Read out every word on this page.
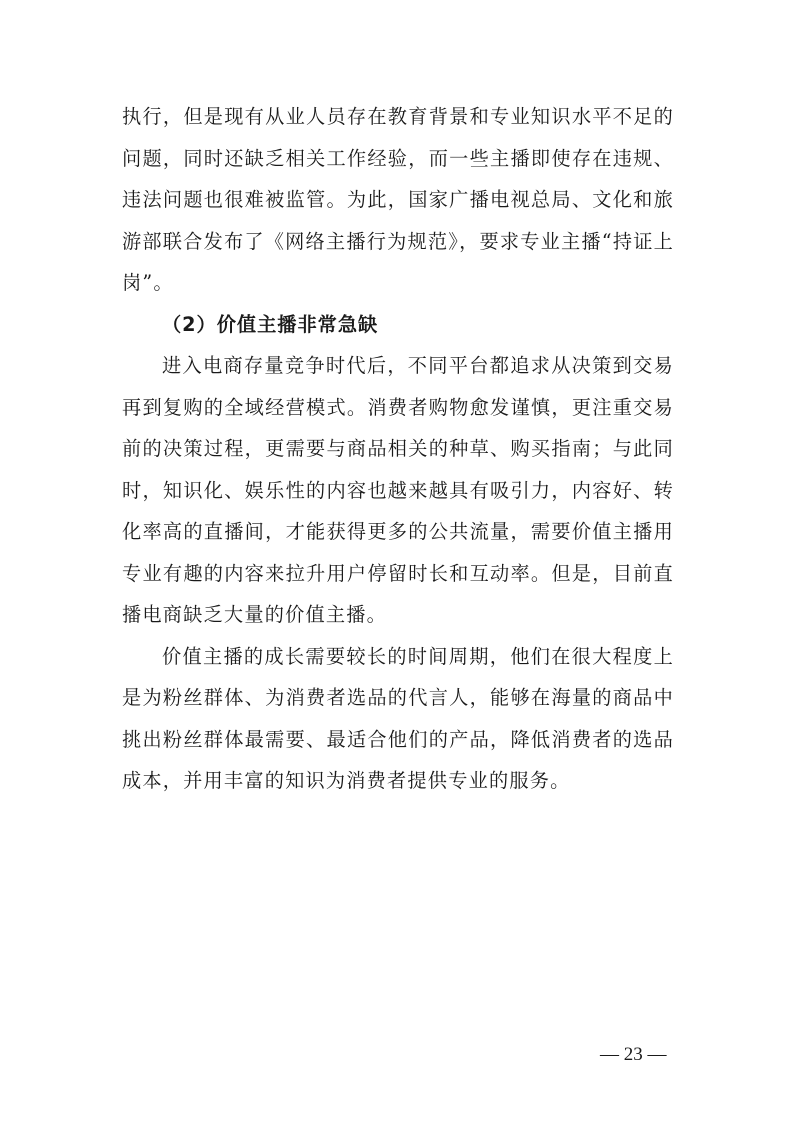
执行，但是现有从业人员存在教育背景和专业知识水平不足的问题，同时还缺乏相关工作经验，而一些主播即使存在违规、违法问题也很难被监管。为此，国家广播电视总局、文化和旅游部联合发布了《网络主播行为规范》，要求专业主播“持证上岗”。

（2）价值主播非常急缺

进入电商存量竞争时代后，不同平台都追求从决策到交易再到复购的全域经营模式。消费者购物愈发谨慎，更注重交易前的决策过程，更需要与商品相关的种草、购买指南；与此同时，知识化、娱乐性的内容也越来越具有吸引力，内容好、转化率高的直播间，才能获得更多的公共流量，需要价值主播用专业有趣的内容来拉升用户停留时长和互动率。但是，目前直播电商缺乏大量的价值主播。

价值主播的成长需要较长的时间周期，他们在很大程度上是为粉丝群体、为消费者选品的代言人，能够在海量的商品中挑出粉丝群体最需要、最适合他们的产品，降低消费者的选品成本，并用丰富的知识为消费者提供专业的服务。

— 23 —
